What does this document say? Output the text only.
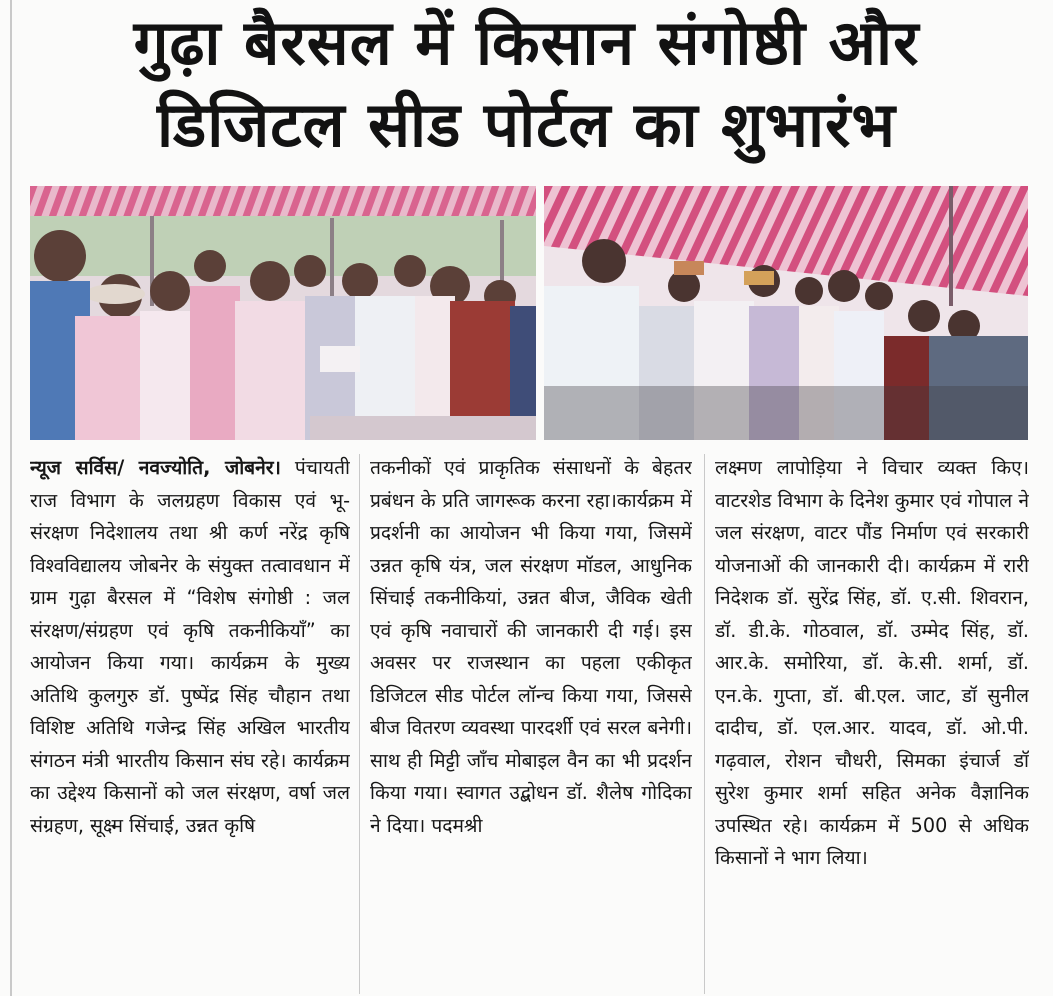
गुढ़ा बैरसल में किसान संगोष्ठी और
डिजिटल सीड पोर्टल का शुभारंभ

न्यूज सर्विस/ नवज्योति, जोबनेर। पंचायती राज विभाग के जलग्रहण विकास एवं भू-संरक्षण निदेशालय तथा श्री कर्ण नरेंद्र कृषि विश्वविद्यालय जोबनेर के संयुक्त तत्वावधान में ग्राम गुढ़ा बैरसल में “विशेष संगोष्ठी : जल संरक्षण/संग्रहण एवं कृषि तकनीकियाँ” का आयोजन किया गया। कार्यक्रम के मुख्य अतिथि कुलगुरु डॉ. पुष्पेंद्र सिंह चौहान तथा विशिष्ट अतिथि गजेन्द्र सिंह अखिल भारतीय संगठन मंत्री भारतीय किसान संघ रहे। कार्यक्रम का उद्देश्य किसानों को जल संरक्षण, वर्षा जल संग्रहण, सूक्ष्म सिंचाई, उन्नत कृषि

तकनीकों एवं प्राकृतिक संसाधनों के बेहतर प्रबंधन के प्रति जागरूक करना रहा।कार्यक्रम में प्रदर्शनी का आयोजन भी किया गया, जिसमें उन्नत कृषि यंत्र, जल संरक्षण मॉडल, आधुनिक सिंचाई तकनीकियां, उन्नत बीज, जैविक खेती एवं कृषि नवाचारों की जानकारी दी गई। इस अवसर पर राजस्थान का पहला एकीकृत डिजिटल सीड पोर्टल लॉन्च किया गया, जिससे बीज वितरण व्यवस्था पारदर्शी एवं सरल बनेगी। साथ ही मिट्टी जाँच मोबाइल वैन का भी प्रदर्शन किया गया। स्वागत उद्बोधन डॉ. शैलेष गोदिका ने दिया। पदमश्री

लक्ष्मण लापोड़िया ने विचार व्यक्त किए। वाटरशेड विभाग के दिनेश कुमार एवं गोपाल ने जल संरक्षण, वाटर पौंड निर्माण एवं सरकारी योजनाओं की जानकारी दी। कार्यक्रम में रारी निदेशक डॉ. सुरेंद्र सिंह, डॉ. ए.सी. शिवरान, डॉ. डी.के. गोठवाल, डॉ. उम्मेद सिंह, डॉ. आर.के. समोरिया, डॉ. के.सी. शर्मा, डॉ. एन.के. गुप्ता, डॉ. बी.एल. जाट, डॉ सुनील दादीच, डॉ. एल.आर. यादव, डॉ. ओ.पी. गढ़वाल, रोशन चौधरी, सिमका इंचार्ज डॉ सुरेश कुमार शर्मा सहित अनेक वैज्ञानिक उपस्थित रहे। कार्यक्रम में 500 से अधिक किसानों ने भाग लिया।
